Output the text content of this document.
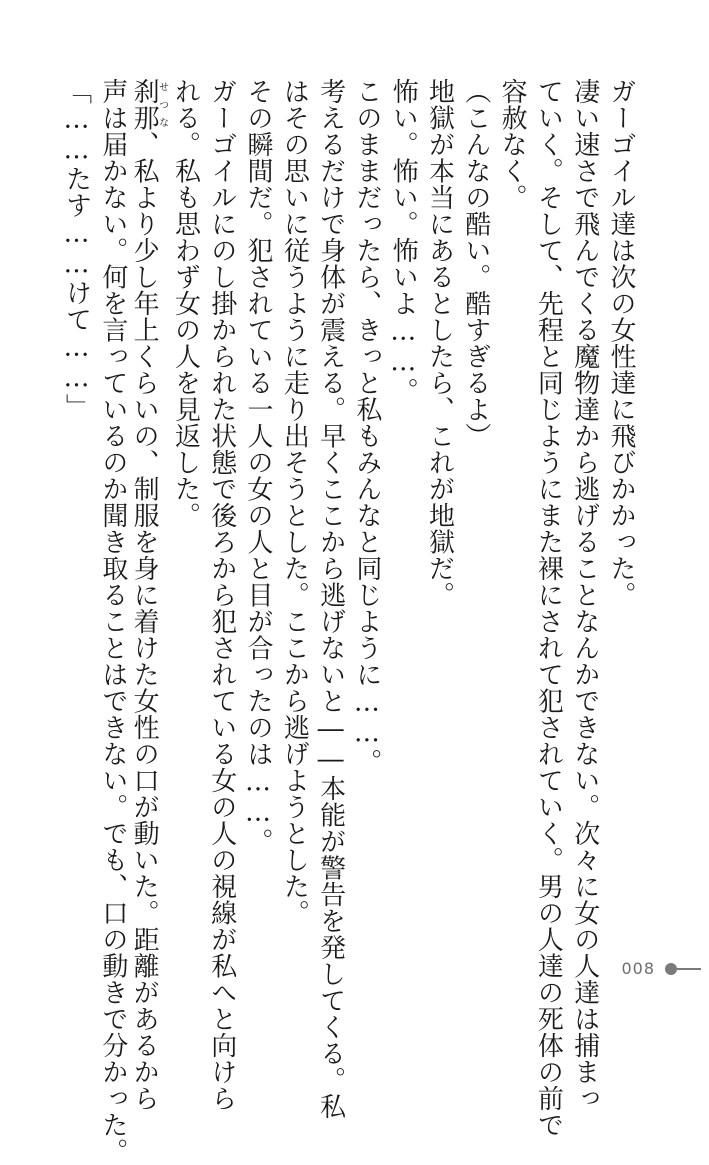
ガーゴイル達は次の女性達に飛びかかった。

凄い速さで飛んでくる魔物達から逃げることなんかできない。次々に女の人達は捕まっ

ていく。そして、先程と同じようにまた裸にされて犯されていく。男の人達の死体の前で

容赦なく。

（こんなの酷い。酷すぎるよ）

地獄が本当にあるとしたら、これが地獄だ。

怖い。怖い。怖いよ……。

このままだったら、きっと私もみんなと同じように……。

考えるだけで身体が震える。早くここから逃げないと――本能が警告を発してくる。私

はその思いに従うように走り出そうとした。ここから逃げようとした。

その瞬間だ。犯されている一人の女の人と目が合ったのは……。

ガーゴイルにのし掛かられた状態で後ろから犯されている女の人の視線が私へと向けら

れる。私も思わず女の人を見返した。

刹那せつな、私より少し年上くらいの、制服を身に着けた女性の口が動いた。距離があるから

声は届かない。何を言っているのか聞き取ることはできない。でも、口の動きで分かった。

「……たす……けて……」

008
